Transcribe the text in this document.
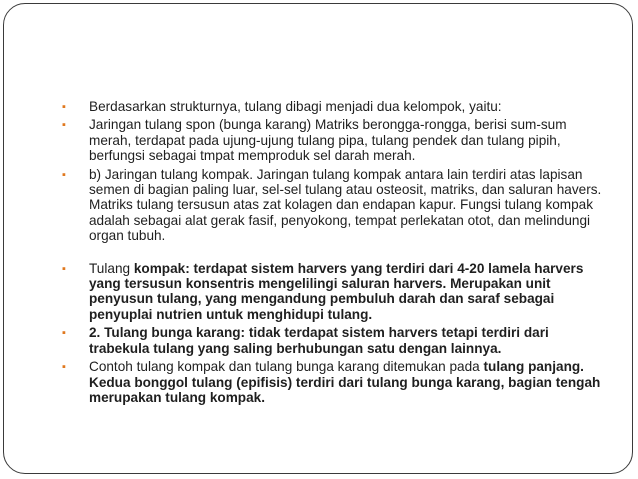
▪ Berdasarkan strukturnya, tulang dibagi menjadi dua kelompok, yaitu:
▪ Jaringan tulang spon (bunga karang) Matriks berongga-rongga, berisi sum-sum merah, terdapat pada ujung-ujung tulang pipa, tulang pendek dan tulang pipih, berfungsi sebagai tmpat memproduk sel darah merah.
▪ b) Jaringan tulang kompak. Jaringan tulang kompak antara lain terdiri atas lapisan semen di bagian paling luar, sel-sel tulang atau osteosit, matriks, dan saluran havers. Matriks tulang tersusun atas zat kolagen dan endapan kapur. Fungsi tulang kompak adalah sebagai alat gerak fasif, penyokong, tempat perlekatan otot, dan melindungi organ tubuh.
▪ Tulang kompak: terdapat sistem harvers yang terdiri dari 4-20 lamela harvers yang tersusun konsentris mengelilingi saluran harvers. Merupakan unit penyusun tulang, yang mengandung pembuluh darah dan saraf sebagai penyuplai nutrien untuk menghidupi tulang.
▪ 2. Tulang bunga karang: tidak terdapat sistem harvers tetapi terdiri dari trabekula tulang yang saling berhubungan satu dengan lainnya.
▪ Contoh tulang kompak dan tulang bunga karang ditemukan pada tulang panjang. Kedua bonggol tulang (epifisis) terdiri dari tulang bunga karang, bagian tengah merupakan tulang kompak.
